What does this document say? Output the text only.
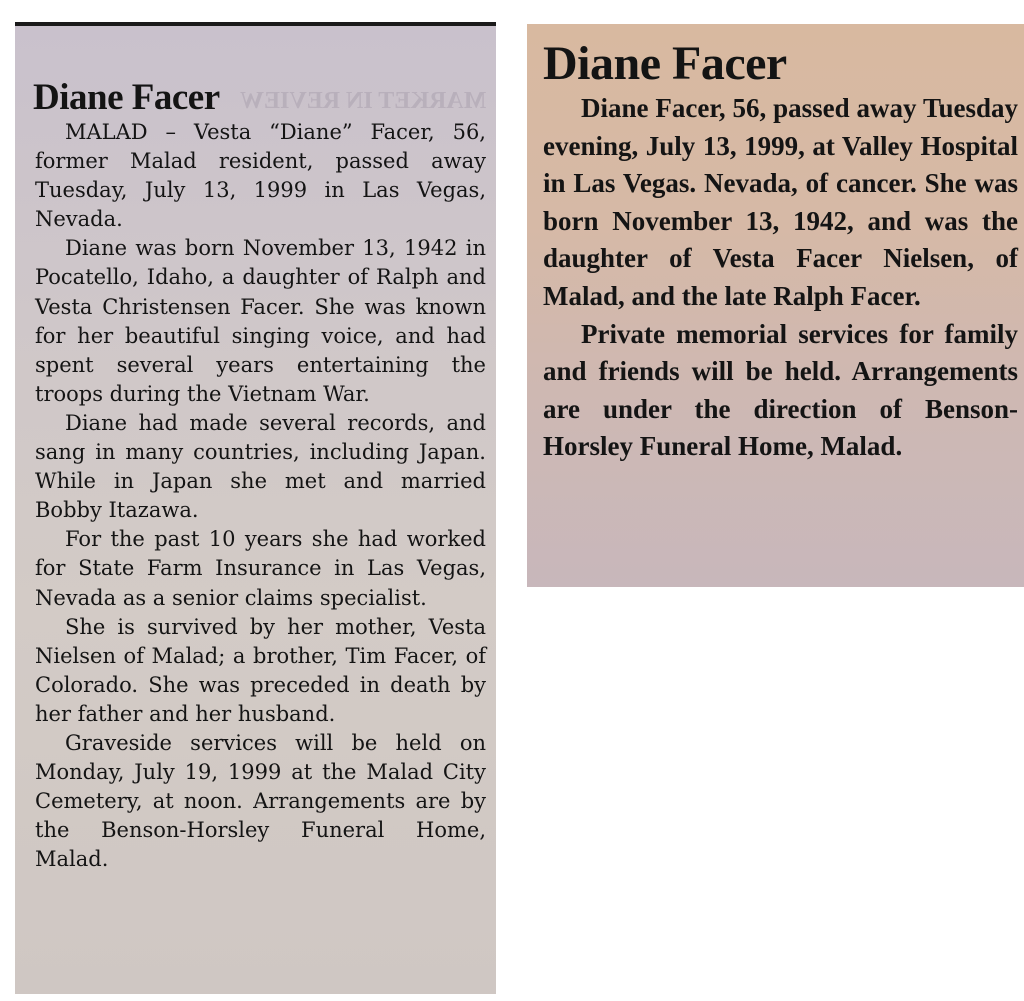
MARKET IN REVIEW
Diane Facer

MALAD – Vesta “Diane” Facer, 56, former Malad resident, passed away Tuesday, July 13, 1999 in Las Vegas, Nevada.

Diane was born November 13, 1942 in Pocatello, Idaho, a daughter of Ralph and Vesta Christensen Facer. She was known for her beautiful singing voice, and had spent several years entertaining the troops during the Vietnam War.

Diane had made several records, and sang in many countries, including Japan. While in Japan she met and married Bobby Itazawa.

For the past 10 years she had worked for State Farm Insurance in Las Vegas, Nevada as a senior claims specialist.

She is survived by her mother, Vesta Nielsen of Malad; a brother, Tim Facer, of Colorado. She was preceded in death by her father and her husband.

Graveside services will be held on Monday, July 19, 1999 at the Malad City Cemetery, at noon. Arrangements are by the Benson-Horsley Funeral Home, Malad.

Diane Facer

Diane Facer, 56, passed away Tuesday evening, July 13, 1999, at Valley Hospital in Las Vegas. Nevada, of cancer. She was born November 13, 1942, and was the daughter of Vesta Facer Nielsen, of Malad, and the late Ralph Facer.

Private memorial services for family and friends will be held. Arrangements are under the direction of Benson-Horsley Funeral Home, Malad.
